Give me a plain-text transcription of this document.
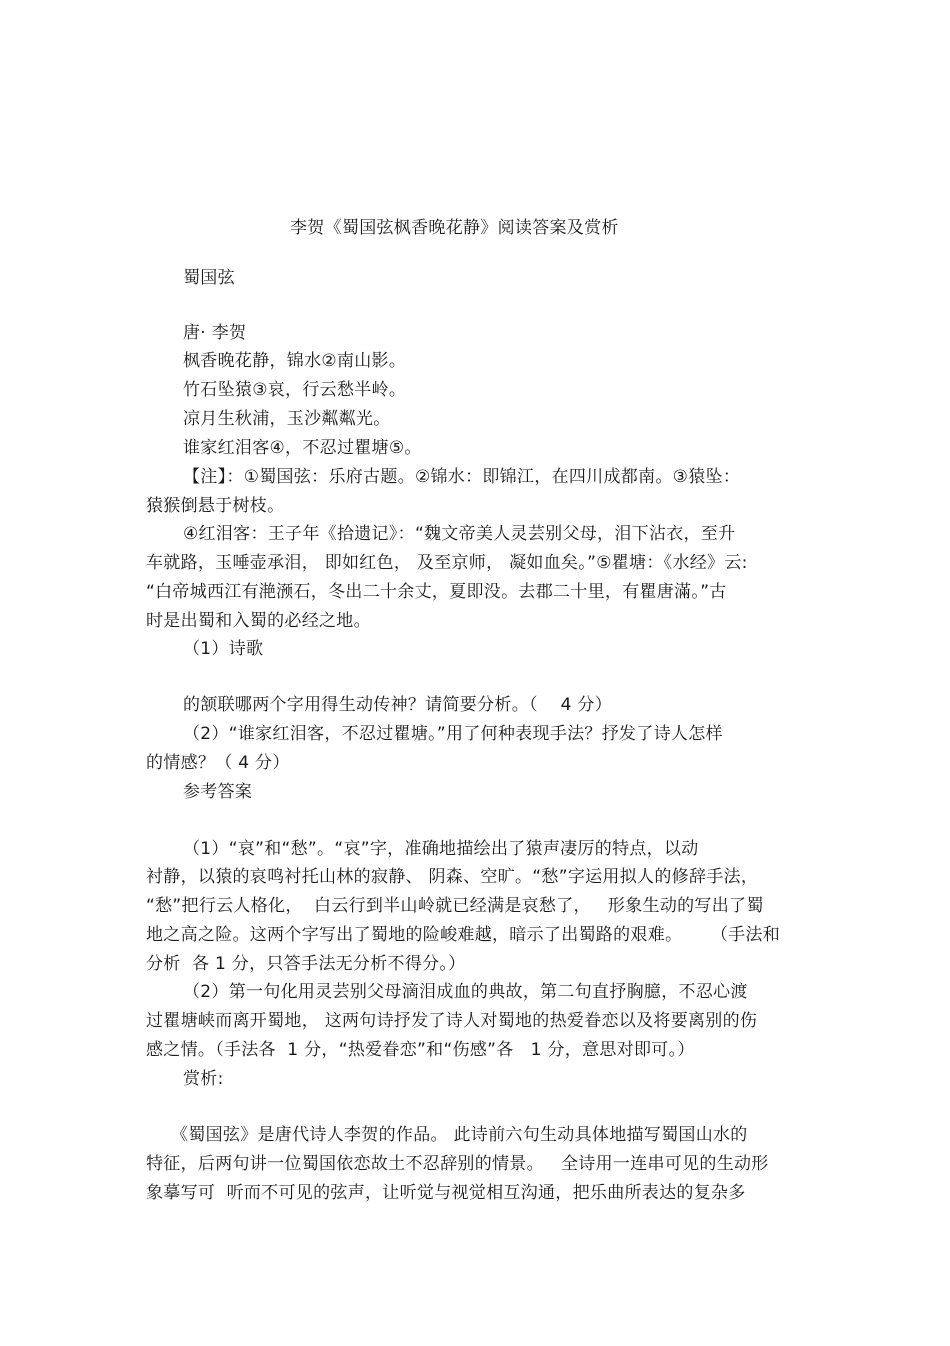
李贺《蜀国弦枫香晚花静》阅读答案及赏析
蜀国弦
唐· 李贺
枫香晚花静，锦水②南山影。
竹石坠猿③哀，行云愁半岭。
凉月生秋浦，玉沙粼粼光。
谁家红泪客④，不忍过瞿塘⑤。
【注】：①蜀国弦：乐府古题。②锦水：即锦江，在四川成都南。③猿坠：
猿猴倒悬于树枝。
④红泪客：王子年《拾遗记》：“魏文帝美人灵芸别父母，泪下沾衣，至升
车就路，玉唾壶承泪， 即如红色， 及至京师， 凝如血矣。”⑤瞿塘：《水经》云:
“白帝城西江有滟滪石，冬出二十余丈，夏即没。去郡二十里，有瞿唐滿。”古
时是出蜀和入蜀的必经之地。
（1）诗歌
的颔联哪两个字用得生动传神？请简要分析。（    4 分）
（2）“谁家红泪客，不忍过瞿塘。”用了何种表现手法？抒发了诗人怎样
的情感？（ 4 分）
参考答案
（1）“哀”和“愁”。“哀”字，准确地描绘出了猿声凄厉的特点，以动
衬静，以猿的哀鸣衬托山林的寂静、 阴森、空旷。“愁”字运用拟人的修辞手法，
“愁”把行云人格化，  白云行到半山岭就已经满是哀愁了，   形象生动的写出了蜀
地之高之险。这两个字写出了蜀地的险峻难越，暗示了出蜀路的艰难。     （手法和
分析  各 1 分，只答手法无分析不得分。）
（2）第一句化用灵芸别父母滴泪成血的典故，第二句直抒胸臆，不忍心渡
过瞿塘峡而离开蜀地， 这两句诗抒发了诗人对蜀地的热爱眷恋以及将要离别的伤
感之情。（手法各  1 分，“热爱眷恋”和“伤感”各   1 分，意思对即可。）
赏析:
《蜀国弦》是唐代诗人李贺的作品。 此诗前六句生动具体地描写蜀国山水的
特征，后两句讲一位蜀国依恋故土不忍辞别的情景。   全诗用一连串可见的生动形
象摹写可  听而不可见的弦声，让听觉与视觉相互沟通，把乐曲所表达的复杂多
